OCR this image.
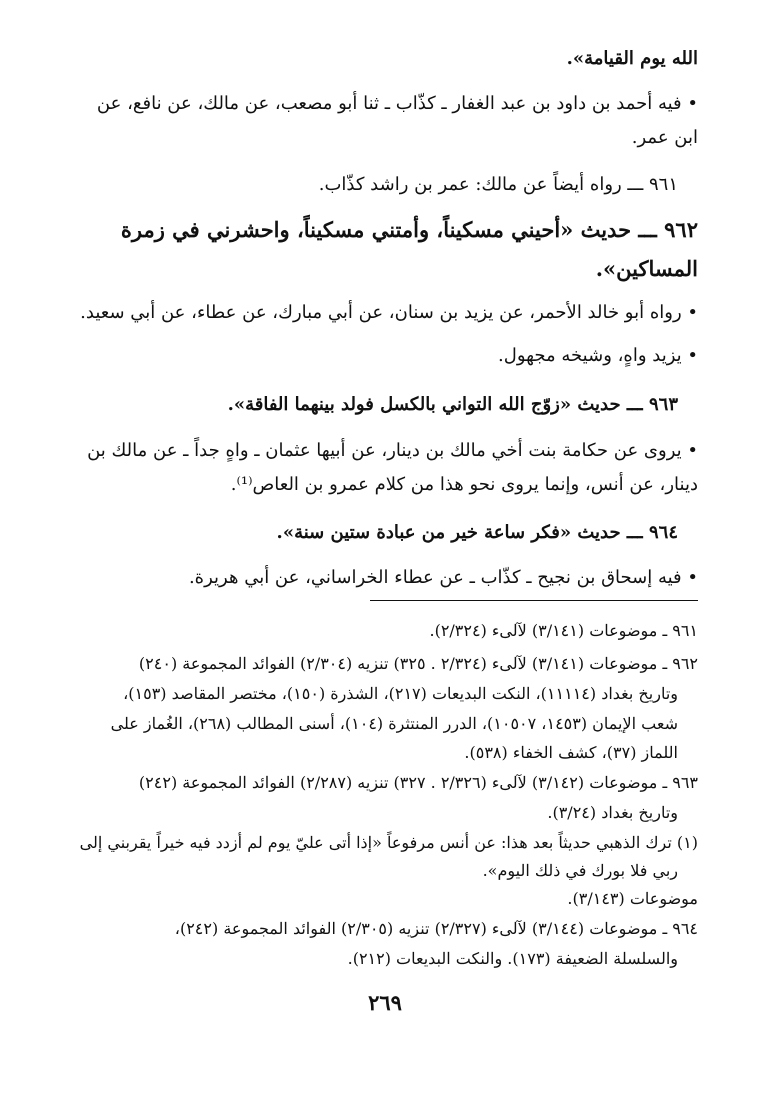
الله يوم القيامة».
• فيه أحمد بن داود بن عبد الغفار ـ كذّاب ـ ثنا أبو مصعب، عن مالك، عن نافع، عن
ابن عمر.
٩٦١ ـــ رواه أيضاً عن مالك: عمر بن راشد كذّاب.
٩٦٢ ـــ حديث «أحيني مسكيناً، وأمتني مسكيناً، واحشرني في زمرة
المساكين».
• رواه أبو خالد الأحمر، عن يزيد بن سنان، عن أبي مبارك، عن عطاء، عن أبي سعيد.
• يزيد واهٍ، وشيخه مجهول.
٩٦٣ ـــ حديث «زوّج الله التواني بالكسل فولد بينهما الفاقة».
• يروى عن حكامة بنت أخي مالك بن دينار، عن أبيها عثمان ـ واهٍ جداً ـ عن مالك بن
دينار، عن أنس، وإنما يروى نحو هذا من كلام عمرو بن العاص⁽¹⁾.
٩٦٤ ـــ حديث «فكر ساعة خير من عبادة ستين سنة».
• فيه إسحاق بن نجيح ـ كذّاب ـ عن عطاء الخراساني، عن أبي هريرة.
٩٦١ ـ موضوعات (٣/١٤١) لآلىء (٢/٣٢٤).
٩٦٢ ـ موضوعات (٣/١٤١) لآلىء (٢/٣٢٤ . ٣٢٥) تنزيه (٢/٣٠٤) الفوائد المجموعة (٢٤٠)
وتاريخ بغداد (١١١١٤)، النكت البديعات (٢١٧)، الشذرة (١٥٠)، مختصر المقاصد (١٥٣)،
شعب الإيمان (١٤٥٣، ١٠٥٠٧)، الدرر المنتثرة (١٠٤)، أسنى المطالب (٢٦٨)، الغُماز على
اللماز (٣٧)، كشف الخفاء (٥٣٨).
٩٦٣ ـ موضوعات (٣/١٤٢) لآلىء (٢/٣٢٦ . ٣٢٧) تنزيه (٢/٢٨٧) الفوائد المجموعة (٢٤٢)
وتاريخ بغداد (٣/٢٤).
(١) ترك الذهبي حديثاً بعد هذا: عن أنس مرفوعاً «إذا أتى عليّ يوم لم أزدد فيه خيراً يقربني إلى
ربي فلا بورك في ذلك اليوم».
موضوعات (٣/١٤٣).
٩٦٤ ـ موضوعات (٣/١٤٤) لآلىء (٢/٣٢٧) تنزيه (٢/٣٠٥) الفوائد المجموعة (٢٤٢)،
والسلسلة الضعيفة (١٧٣). والنكت البديعات (٢١٢).
٢٦٩
